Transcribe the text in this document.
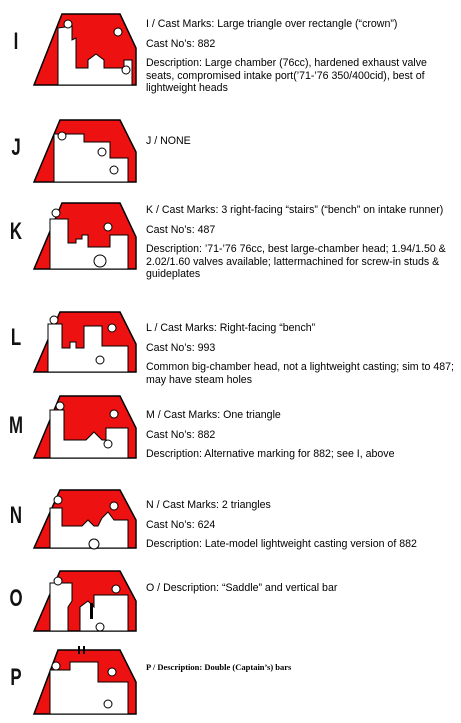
I

I / Cast Marks: Large triangle over rectangle (“crown”)

Cast No’s: 882

Description: Large chamber (76cc), hardened exhaust valve seats, compromised intake port(’71-’76 350/400cid), best of lightweight heads

J	J / NONE

K

K / Cast Marks: 3 right-facing “stairs” (“bench” on intake runner)

Cast No’s: 487

Description: ’71-’76 76cc, best large-chamber head; 1.94/1.50 & 2.02/1.60 valves available; lattermachined for screw-in studs & guideplates

L	L / Cast Marks: Right-facing “bench”

Cast No’s: 993

Common big-chamber head, not a lightweight casting; sim to 487; may have steam holes

M	M / Cast Marks: One triangle

Cast No’s: 882

Description: Alternative marking for 882; see I, above

N	N / Cast Marks: 2 triangles

Cast No’s: 624

Description: Late-model lightweight casting version of 882

O	O / Description: “Saddle” and vertical bar

P	P / Description: Double (Captain’s) bars
